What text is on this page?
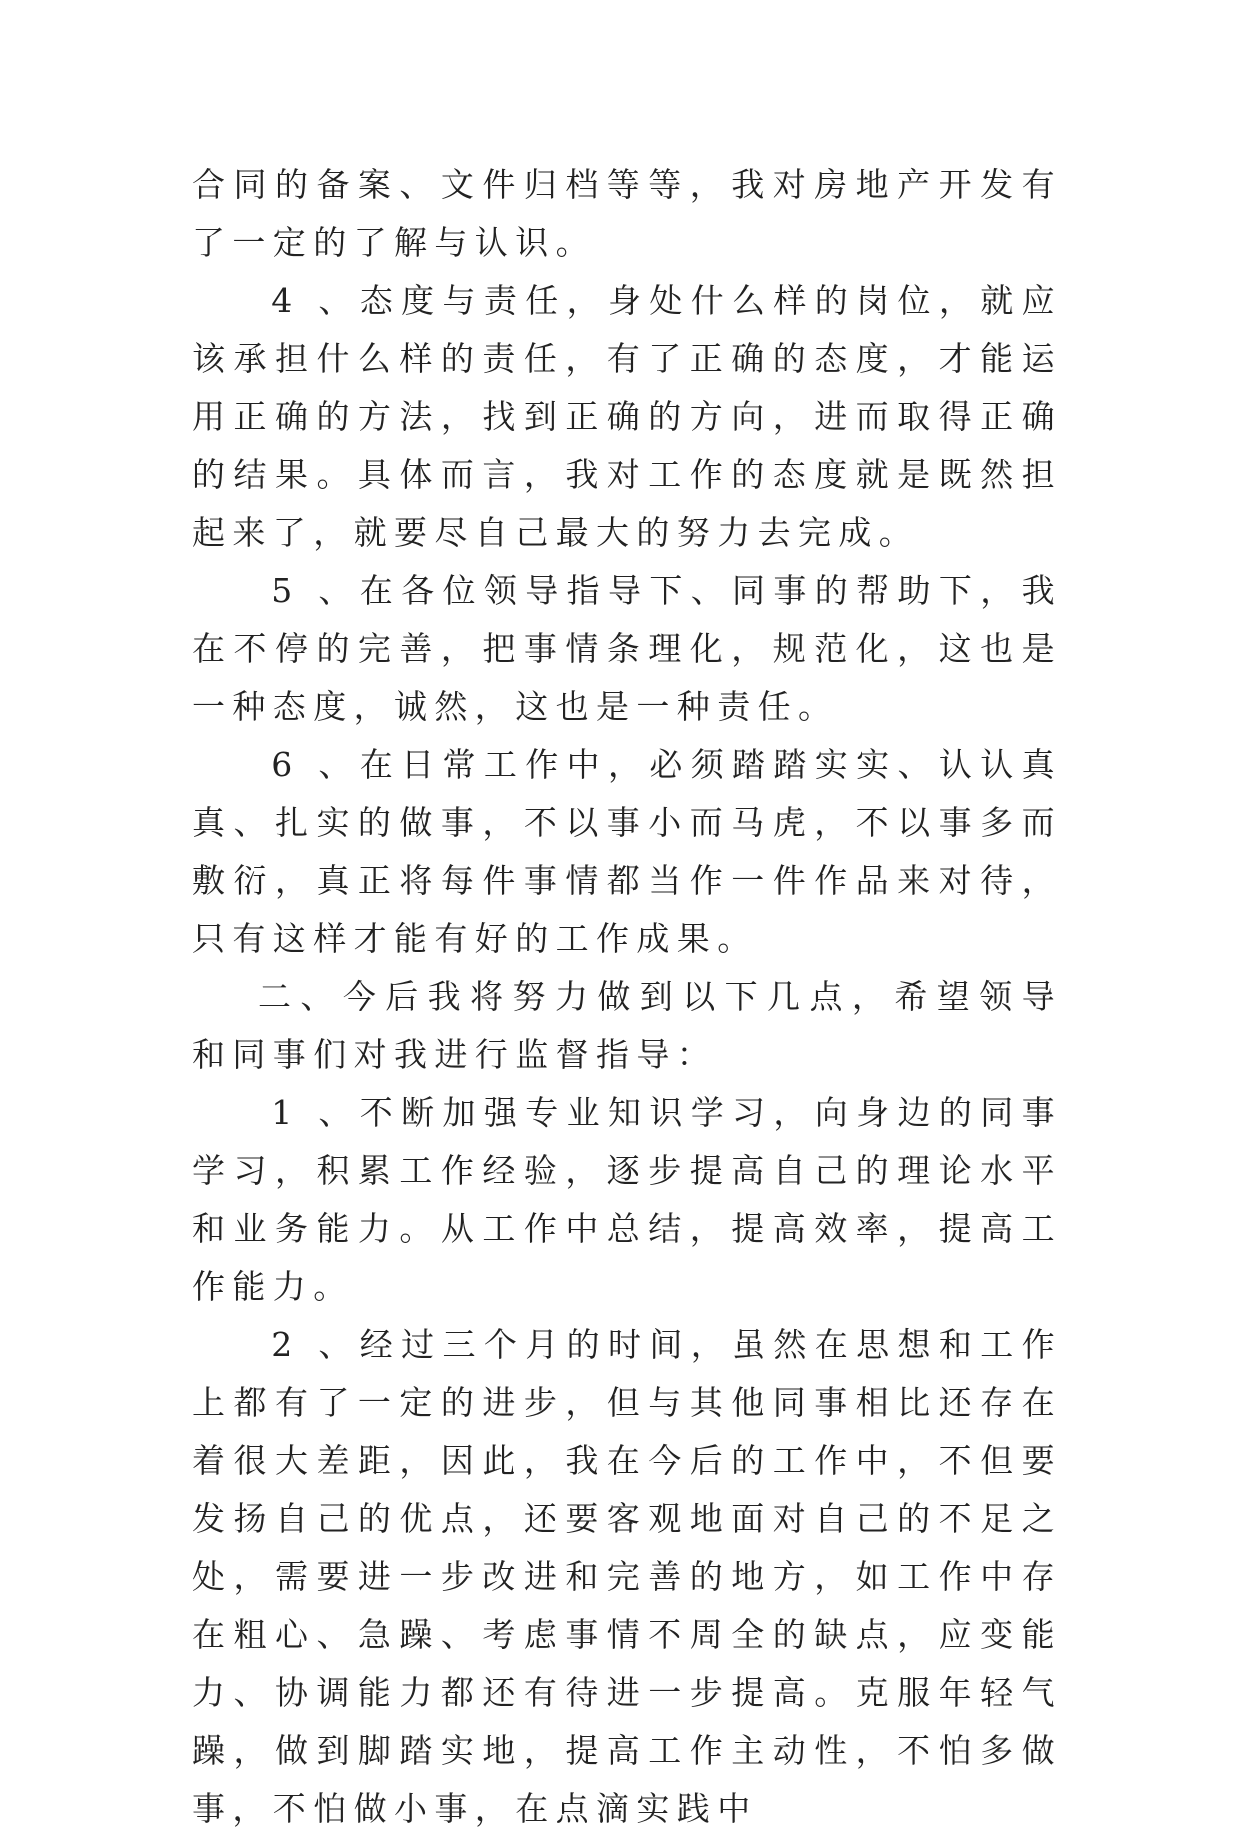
合同的备案、文件归档等等，我对房地产开发有了一定的了解与认识。

4 、态度与责任，身处什么样的岗位，就应该承担什么样的责任，有了正确的态度，才能运用正确的方法，找到正确的方向，进而取得正确的结果。具体而言，我对工作的态度就是既然担起来了，就要尽自己最大的努力去完成。

5 、在各位领导指导下、同事的帮助下，我在不停的完善，把事情条理化，规范化，这也是一种态度，诚然，这也是一种责任。

6 、在日常工作中，必须踏踏实实、认认真真、扎实的做事，不以事小而马虎，不以事多而敷衍，真正将每件事情都当作一件作品来对待，只有这样才能有好的工作成果。

二、今后我将努力做到以下几点，希望领导和同事们对我进行监督指导：

1 、不断加强专业知识学习，向身边的同事学习，积累工作经验，逐步提高自己的理论水平和业务能力。从工作中总结，提高效率，提高工作能力。

2 、经过三个月的时间，虽然在思想和工作上都有了一定的进步，但与其他同事相比还存在着很大差距，因此，我在今后的工作中，不但要发扬自己的优点，还要客观地面对自己的不足之处，需要进一步改进和完善的地方，如工作中存在粗心、急躁、考虑事情不周全的缺点，应变能力、协调能力都还有待进一步提高。克服年轻气躁，做到脚踏实地，提高工作主动性，不怕多做事，不怕做小事，在点滴实践中
